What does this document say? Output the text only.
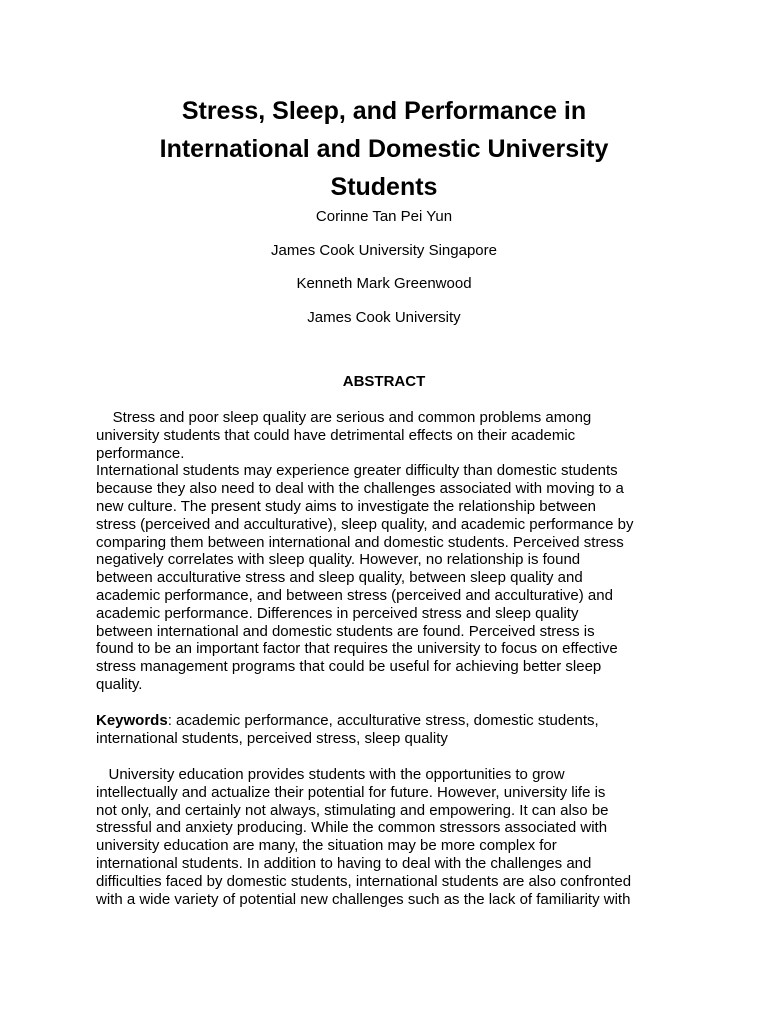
Stress, Sleep, and Performance in
International and Domestic University
Students
Corinne Tan Pei Yun
James Cook University Singapore
Kenneth Mark Greenwood
James Cook University
ABSTRACT
Stress and poor sleep quality are serious and common problems among
university students that could have detrimental effects on their academic
performance.
International students may experience greater difficulty than domestic students
because they also need to deal with the challenges associated with moving to a
new culture. The present study aims to investigate the relationship between
stress (perceived and acculturative), sleep quality, and academic performance by
comparing them between international and domestic students. Perceived stress
negatively correlates with sleep quality. However, no relationship is found
between acculturative stress and sleep quality, between sleep quality and
academic performance, and between stress (perceived and acculturative) and
academic performance. Differences in perceived stress and sleep quality
between international and domestic students are found. Perceived stress is
found to be an important factor that requires the university to focus on effective
stress management programs that could be useful for achieving better sleep
quality.
Keywords: academic performance, acculturative stress, domestic students,
international students, perceived stress, sleep quality
University education provides students with the opportunities to grow
intellectually and actualize their potential for future. However, university life is
not only, and certainly not always, stimulating and empowering. It can also be
stressful and anxiety producing. While the common stressors associated with
university education are many, the situation may be more complex for
international students. In addition to having to deal with the challenges and
difficulties faced by domestic students, international students are also confronted
with a wide variety of potential new challenges such as the lack of familiarity with
